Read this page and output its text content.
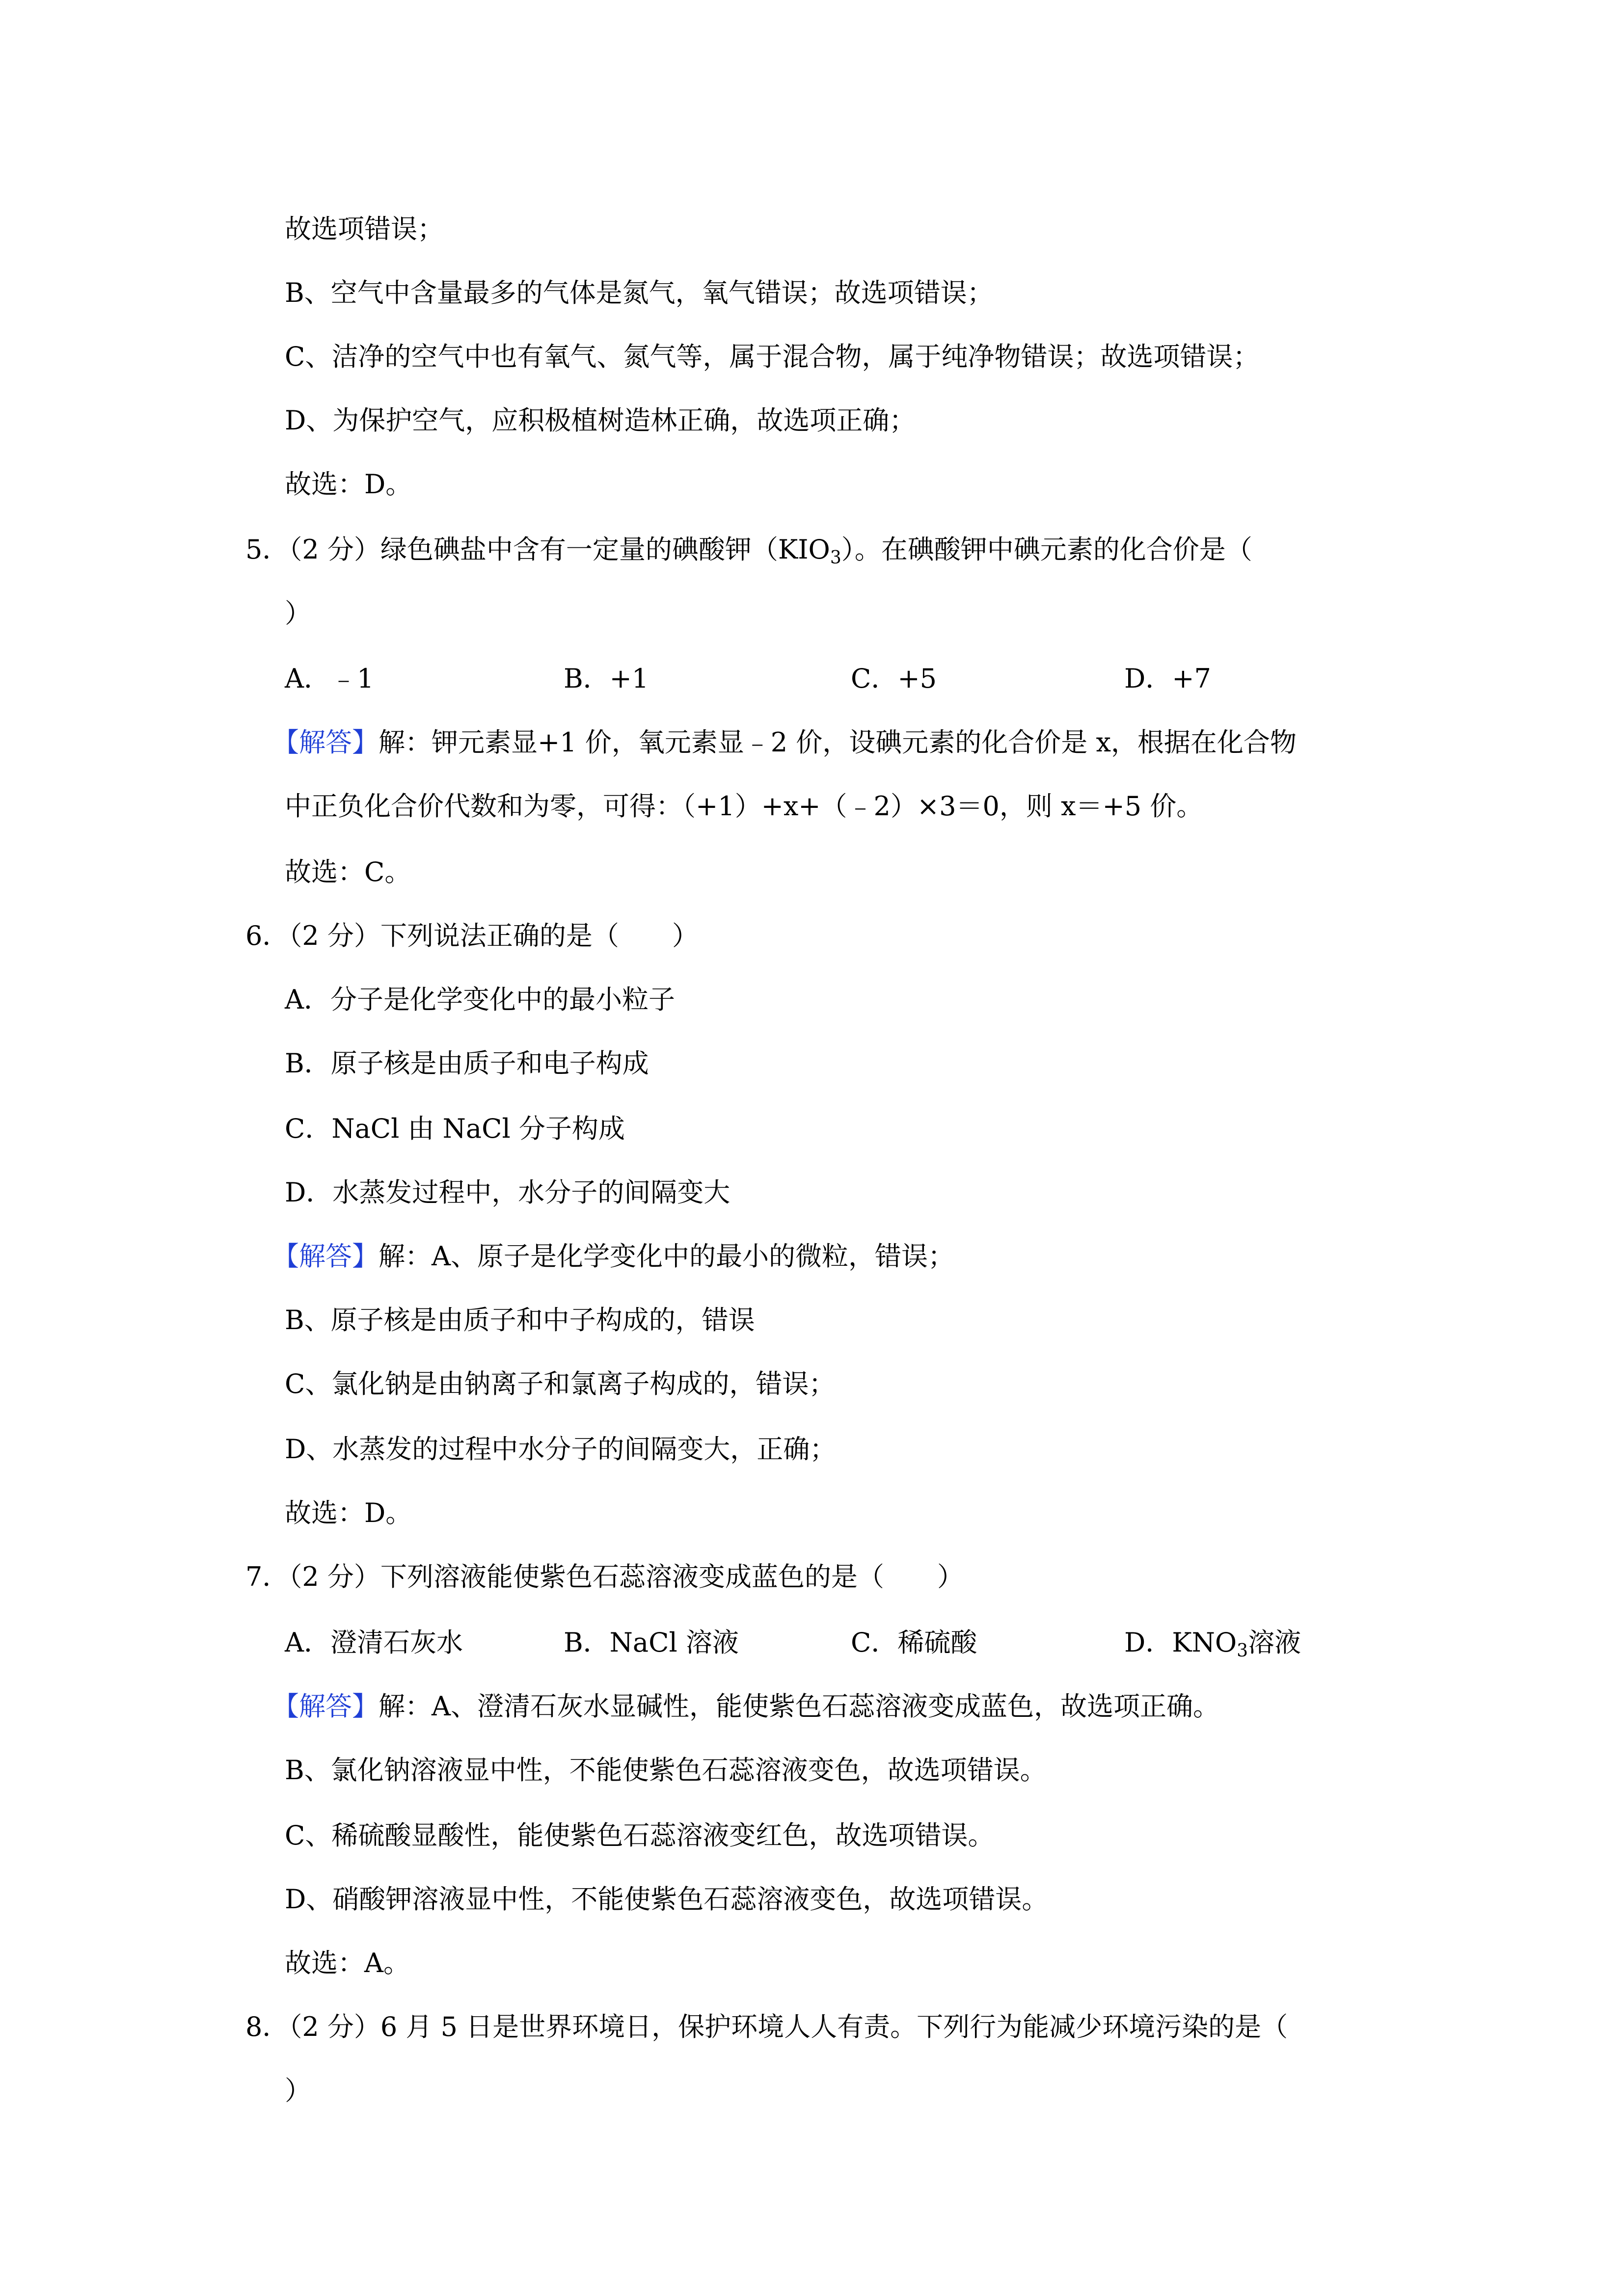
故选项错误；
B、空气中含量最多的气体是氮气，氧气错误；故选项错误；
C、洁净的空气中也有氧气、氮气等，属于混合物，属于纯净物错误；故选项错误；
D、为保护空气，应积极植树造林正确，故选项正确；
故选：D。
5．（2 分）绿色碘盐中含有一定量的碘酸钾$(KIO_3)$。在碘酸钾中碘元素的化合价是（
）
A．﹣1	B．+1	C．+5	D．+7
【解答】解：钾元素显+1 价，氧元素显﹣2 价，设碘元素的化合价是 x，根据在化合物
中正负化合价代数和为零，可得：（+1）+x+（﹣2）×3＝0，则 x＝+5 价。
故选：C。
6．（2 分）下列说法正确的是（　　）
A．分子是化学变化中的最小粒子
B．原子核是由质子和电子构成
C．NaCl 由 NaCl 分子构成
D．水蒸发过程中，水分子的间隔变大
【解答】解：A、原子是化学变化中的最小的微粒，错误；
B、原子核是由质子和中子构成的，错误
C、氯化钠是由钠离子和氯离子构成的，错误；
D、水蒸发的过程中水分子的间隔变大，正确；
故选：D。
7．（2 分）下列溶液能使紫色石蕊溶液变成蓝色的是（　　）
A．澄清石灰水	B．NaCl 溶液	C．稀硫酸	D．$KNO_3$溶液
【解答】解：A、澄清石灰水显碱性，能使紫色石蕊溶液变成蓝色，故选项正确。
B、氯化钠溶液显中性，不能使紫色石蕊溶液变色，故选项错误。
C、稀硫酸显酸性，能使紫色石蕊溶液变红色，故选项错误。
D、硝酸钾溶液显中性，不能使紫色石蕊溶液变色，故选项错误。
故选：A。
8．（2 分）6 月 5 日是世界环境日，保护环境人人有责。下列行为能减少环境污染的是（
）
